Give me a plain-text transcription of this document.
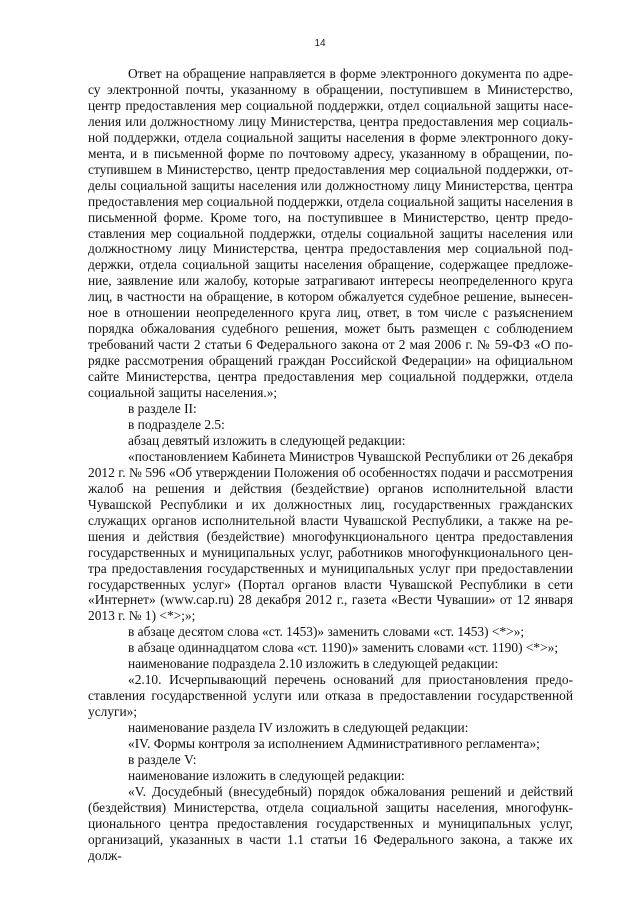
14

Ответ на обращение направляется в форме электронного документа по адресу электронной почты, указанному в обращении, поступившем в Министерство, центр предоставления мер социальной поддержки, отдел социальной защиты населения или должностному лицу Министерства, центра предоставления мер социальной поддержки, отдела социальной защиты населения в форме электронного документа, и в письменной форме по почтовому адресу, указанному в обращении, поступившем в Министерство, центр предоставления мер социальной поддержки, отделы социальной защиты населения или должностному лицу Министерства, центра предоставления мер социальной поддержки, отдела социальной защиты населения в письменной форме. Кроме того, на поступившее в Министерство, центр предоставления мер социальной поддержки, отделы социальной защиты населения или должностному лицу Министерства, центра предоставления мер социальной поддержки, отдела социальной защиты населения обращение, содержащее предложение, заявление или жалобу, которые затрагивают интересы неопределенного круга лиц, в частности на обращение, в котором обжалуется судебное решение, вынесенное в отношении неопределенного круга лиц, ответ, в том числе с разъяснением порядка обжалования судебного решения, может быть размещен с соблюдением требований части 2 статьи 6 Федерального закона от 2 мая 2006 г. № 59-ФЗ «О порядке рассмотрения обращений граждан Российской Федерации» на официальном сайте Министерства, центра предоставления мер социальной поддержки, отдела социальной защиты населения.»;

в разделе II:

в подразделе 2.5:

абзац девятый изложить в следующей редакции:

«постановлением Кабинета Министров Чувашской Республики от 26 декабря 2012 г. № 596 «Об утверждении Положения об особенностях подачи и рассмотрения жалоб на решения и действия (бездействие) органов исполнительной власти Чувашской Республики и их должностных лиц, государственных гражданских служащих органов исполнительной власти Чувашской Республики, а также на решения и действия (бездействие) многофункционального центра предоставления государственных и муниципальных услуг, работников многофункционального центра предоставления государственных и муниципальных услуг при предоставлении государственных услуг» (Портал органов власти Чувашской Республики в сети «Интернет» (www.cap.ru) 28 декабря 2012 г., газета «Вести Чувашии» от 12 января 2013 г. № 1) <*>;»;

в абзаце десятом слова «ст. 1453)» заменить словами «ст. 1453) <*>»;

в абзаце одиннадцатом слова «ст. 1190)» заменить словами «ст. 1190) <*>»;

наименование подраздела 2.10 изложить в следующей редакции:

«2.10. Исчерпывающий перечень оснований для приостановления предоставления государственной услуги или отказа в предоставлении государственной услуги»;

наименование раздела IV изложить в следующей редакции:

«IV. Формы контроля за исполнением Административного регламента»;

в разделе V:

наименование изложить в следующей редакции:

«V. Досудебный (внесудебный) порядок обжалования решений и действий (бездействия) Министерства, отдела социальной защиты населения, многофункционального центра предоставления государственных и муниципальных услуг, организаций, указанных в части 1.1 статьи 16 Федерального закона, а также их долж-
